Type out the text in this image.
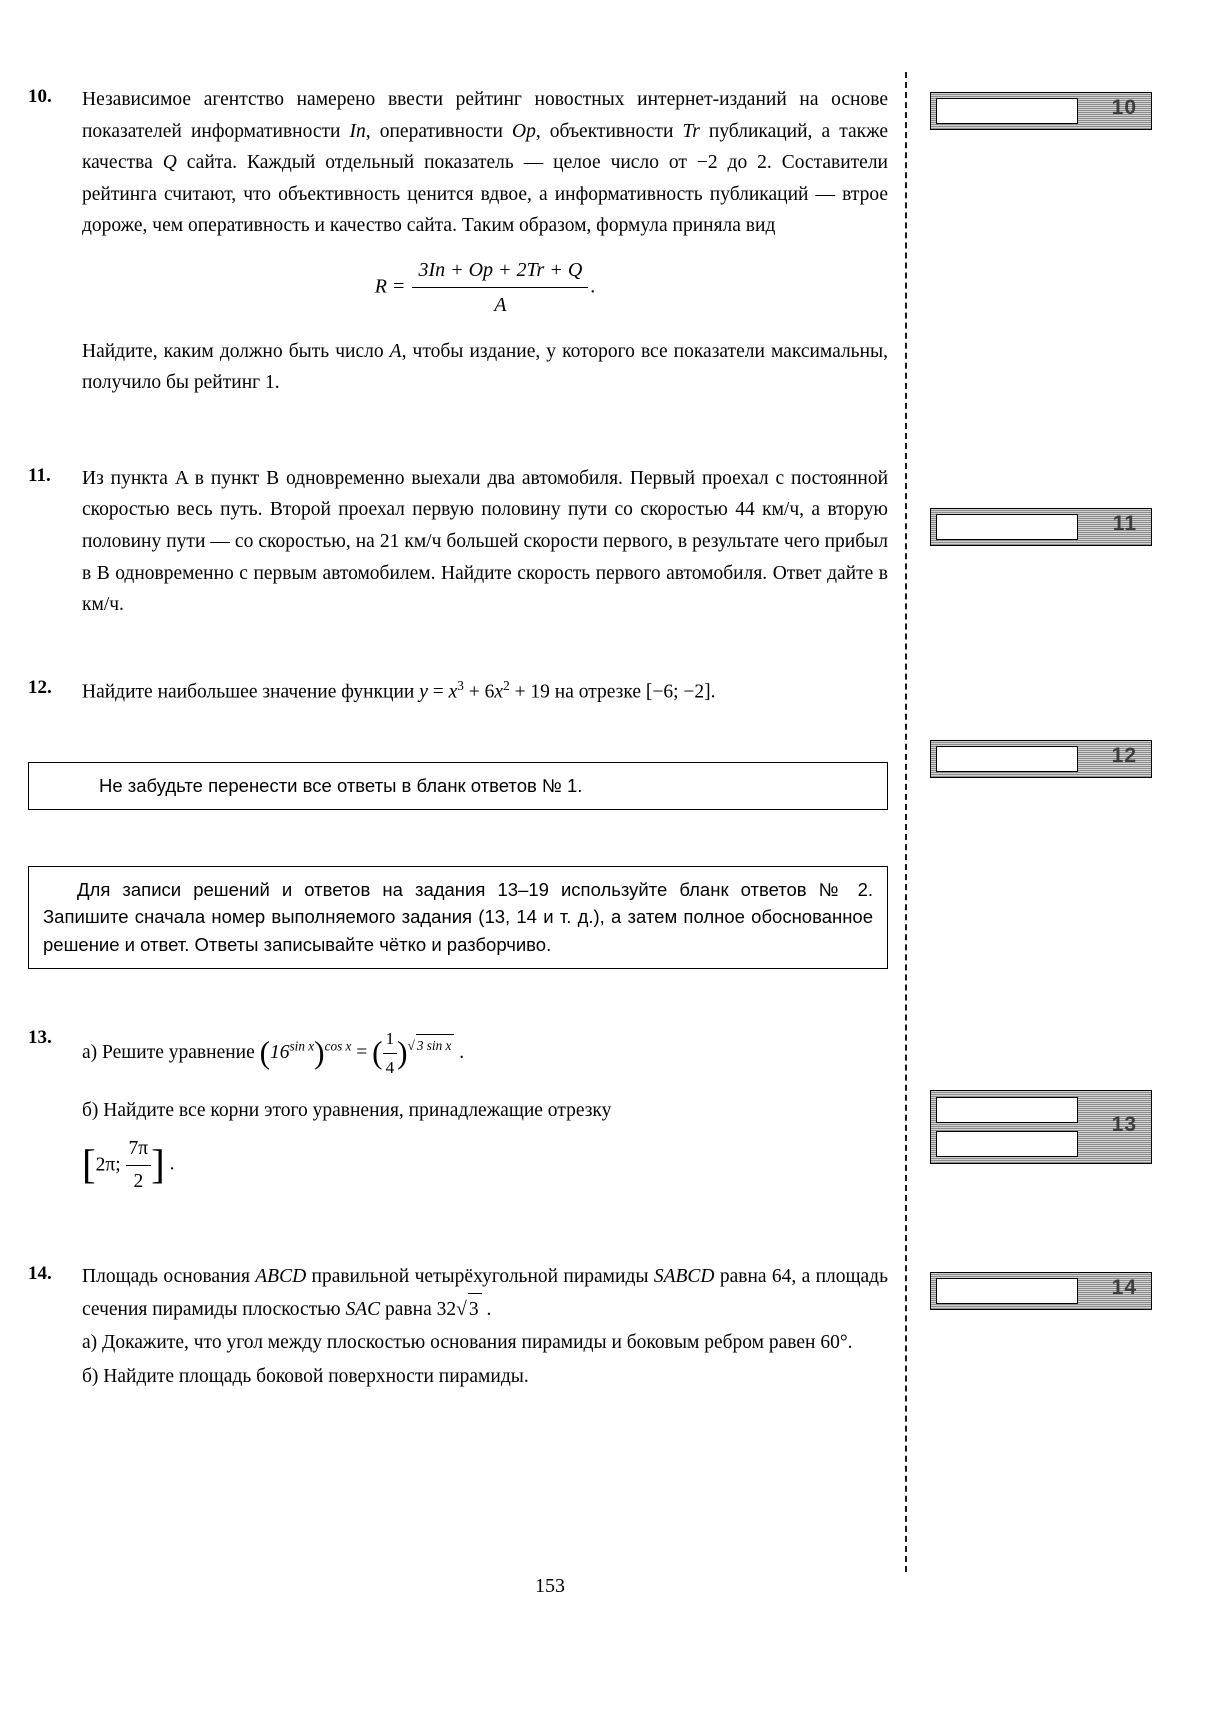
10.	Независимое агентство намерено ввести рейтинг новостных интернет-изданий на основе показателей информативности In, оперативности Op, объективности Tr публикаций, а также качества Q сайта. Каждый отдельный показатель — целое число от −2 до 2. Составители рейтинга считают, что объективность ценится вдвое, а информативность публикаций — втрое дороже, чем оперативность и качество сайта. Таким образом, формула приняла вид

$R = \frac{3In + Op + 2Tr + Q}{A}$ .

Найдите, каким должно быть число A, чтобы издание, у которого все показатели максимальны, получило бы рейтинг 1.

11.	Из пункта A в пункт B одновременно выехали два автомобиля. Первый проехал с постоянной скоростью весь путь. Второй проехал первую половину пути со скоростью 44 км/ч, а вторую половину пути — со скоростью, на 21 км/ч большей скорости первого, в результате чего прибыл в B одновременно с первым автомобилем. Найдите скорость первого автомобиля. Ответ дайте в км/ч.

12.	Найдите наибольшее значение функции $y = x^3 + 6x^2 + 19$ на отрезке [−6; −2].

Не забудьте перенести все ответы в бланк ответов № 1.
Для записи решений и ответов на задания 13–19 используйте бланк ответов № 2. Запишите сначала номер выполняемого задания (13, 14 и т. д.), а затем полное обоснованное решение и ответ. Ответы записывайте чётко и разборчиво.
13.

а) Решите уравнение $(16^{sin x})^{cos x}$ = ( $\frac{1}{4} )^{√ 3 sin x}$ .

б) Найдите все корни этого уравнения, принадлежащие отрезку

[2π; $\frac{7\pi}{2}$ ] .

14.	Площадь основания ABCD правильной четырёхугольной пирамиды SABCD равна 64, а площадь сечения пирамиды плоскостью SAC равна 32√ 3 .

а) Докажите, что угол между плоскостью основания пирамиды и боковым ребром равен 60°.

б) Найдите площадь боковой поверхности пирамиды.

10
11
12
13
14
153
